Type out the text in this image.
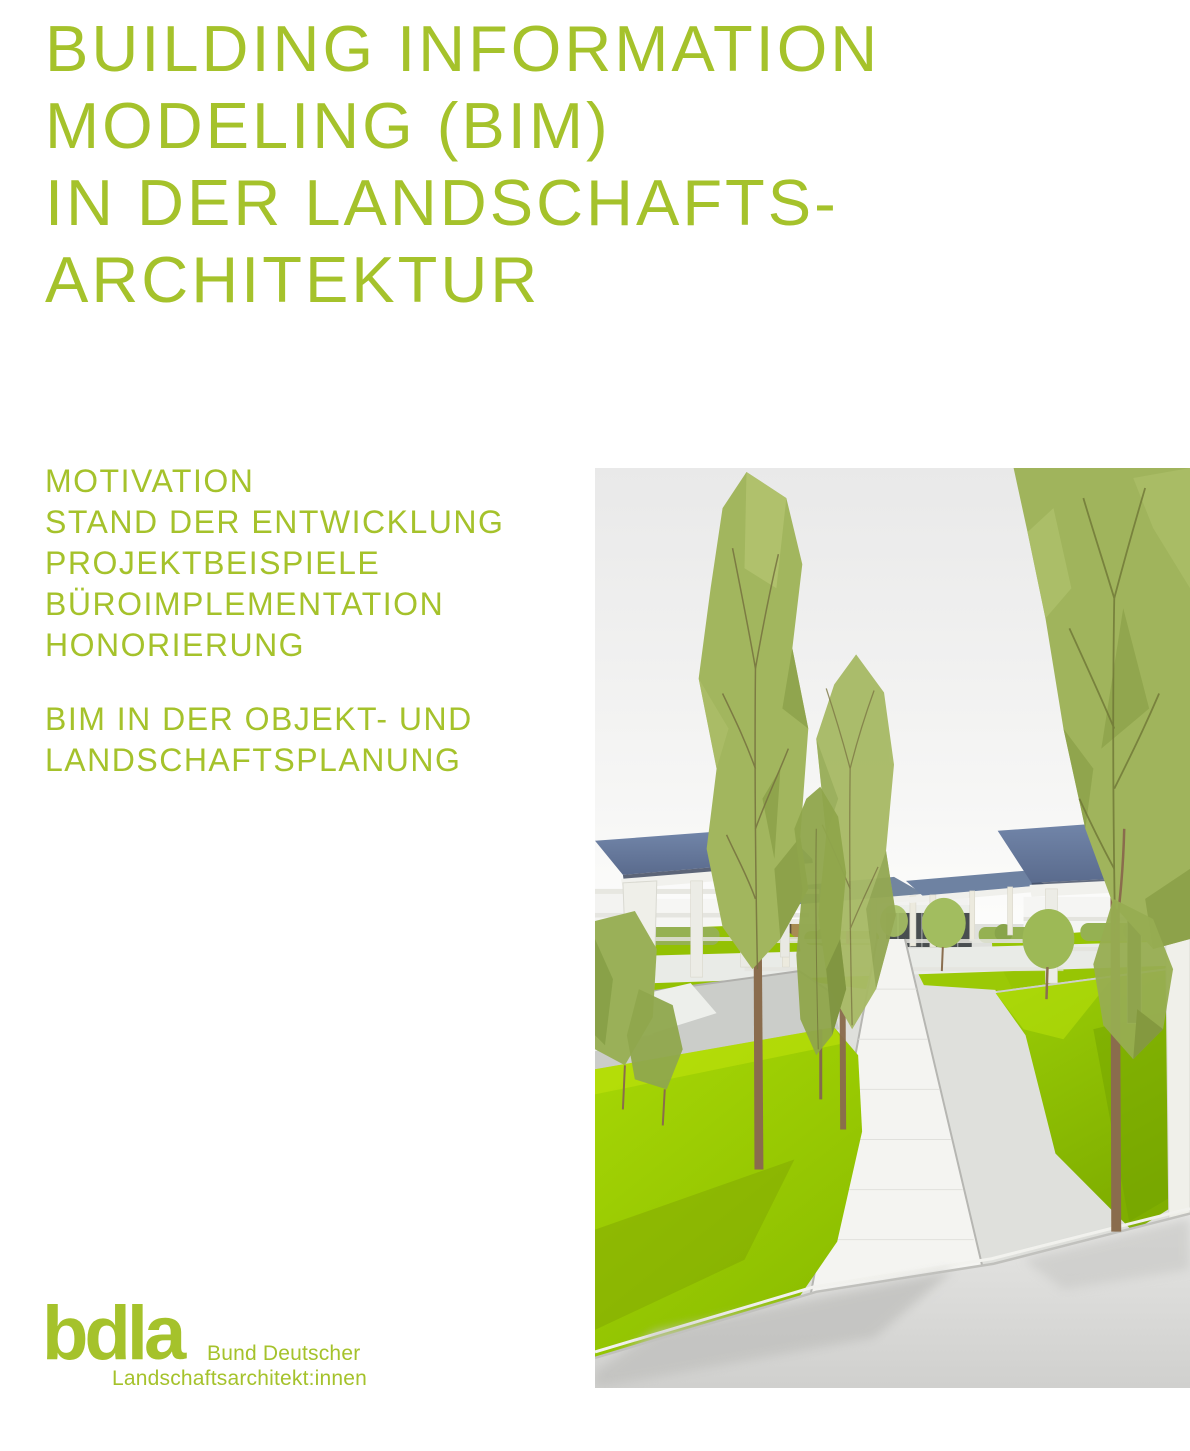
BUILDING INFORMATION
MODELING (BIM)
IN DER LANDSCHAFTS-
ARCHITEKTUR
MOTIVATION
STAND DER ENTWICKLUNG
PROJEKTBEISPIELE
BÜROIMPLEMENTATION
HONORIERUNG
BIM IN DER OBJEKT- UND
LANDSCHAFTSPLANUNG
bdla Bund Deutscher
Landschaftsarchitekt:innen
